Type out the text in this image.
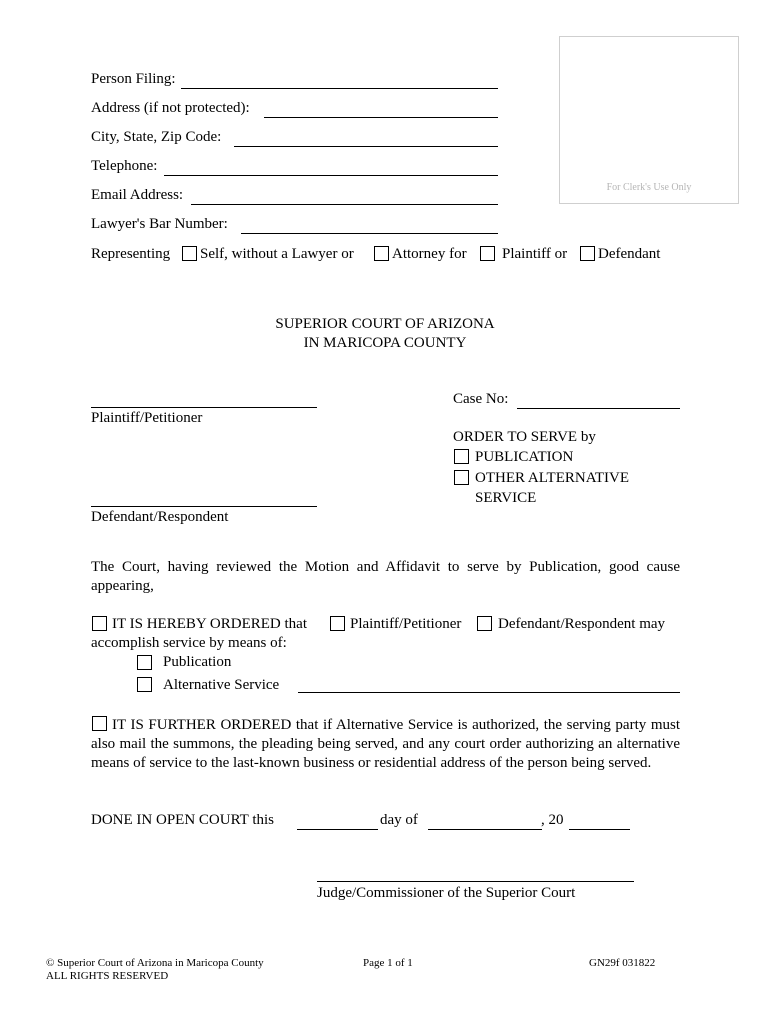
For Clerk's Use Only
Person Filing:
Address (if not protected):
City, State, Zip Code:
Telephone:
Email Address:
Lawyer's Bar Number:
Representing Self, without a Lawyer or	Attorney for Plaintiff or Defendant
SUPERIOR COURT OF ARIZONA
IN MARICOPA COUNTY
Plaintiff/Petitioner
Defendant/Respondent
Case No:
ORDER TO SERVE by
PUBLICATION
OTHER ALTERNATIVE
SERVICE
The Court, having reviewed the Motion and Affidavit to serve by Publication, good cause appearing,
IT IS HEREBY ORDERED that	Plaintiff/Petitioner Defendant/Respondent may
accomplish service by means of:
Publication
Alternative Service
IT IS FURTHER ORDERED that if Alternative Service is authorized, the serving party must also mail the summons, the pleading being served, and any court order authorizing an alternative means of service to the last-known business or residential address of the person being served.
DONE IN OPEN COURT this	day of	, 20
Judge/Commissioner of the Superior Court
© Superior Court of Arizona in Maricopa County
ALL RIGHTS RESERVED
Page 1 of 1	GN29f 031822
